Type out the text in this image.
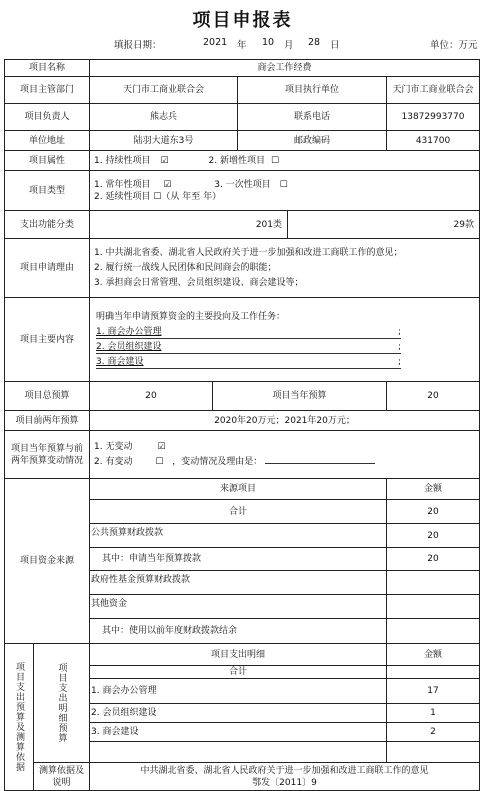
项目申报表
填报日期：	2021 年 10 月 28 日	单位：万元
项目名称	商会工作经费
项目主管部门	天门市工商业联合会	项目执行单位	天门市工商业联合会
项目负责人	熊志兵	联系电话	13872993770
单位地址	陆羽大道东3号	邮政编码	431700
项目属性	1. 持续性项目 ☑	2. 新增性项目 ☐
项目类型
1. 常年性项目 ☑	3. 一次性项目 ☐
2. 延续性项目 ☐（从 年至 年）
支出功能分类	201类	29款
项目申请理由
1. 中共湖北省委、湖北省人民政府关于进一步加强和改进工商联工作的意见；
2. 履行统一战线人民团体和民间商会的职能；
3. 承担商会日常管理、会员组织建设、商会建设等；
项目主要内容
明确当年申请预算资金的主要投向及工作任务：
1. 商会办公管理	;
2. 会员组织建设	;
3. 商会建设	;
项目总预算	20	项目当年预算	20
项目前两年预算	2020年20万元；2021年20万元；
项目当年预算与前两年预算变动情况
1. 无变动	☑
2. 有变动	☐ ，变动情况及理由是：
项目资金来源
来源项目	金额
合计	20
公共预算财政拨款	20
其中：申请当年预算拨款	20
政府性基金预算财政拨款
其他资金
其中：使用以前年度财政拨款结余
项目支出预算及测算依据	项目支出明细预算
项目支出明细	金额
合计
1. 商会办公管理	17
2. 会员组织建设	1
3. 商会建设	2
测算依据及说明
中共湖北省委、湖北省人民政府关于进一步加强和改进工商联工作的意见
鄂发〔2011〕9
